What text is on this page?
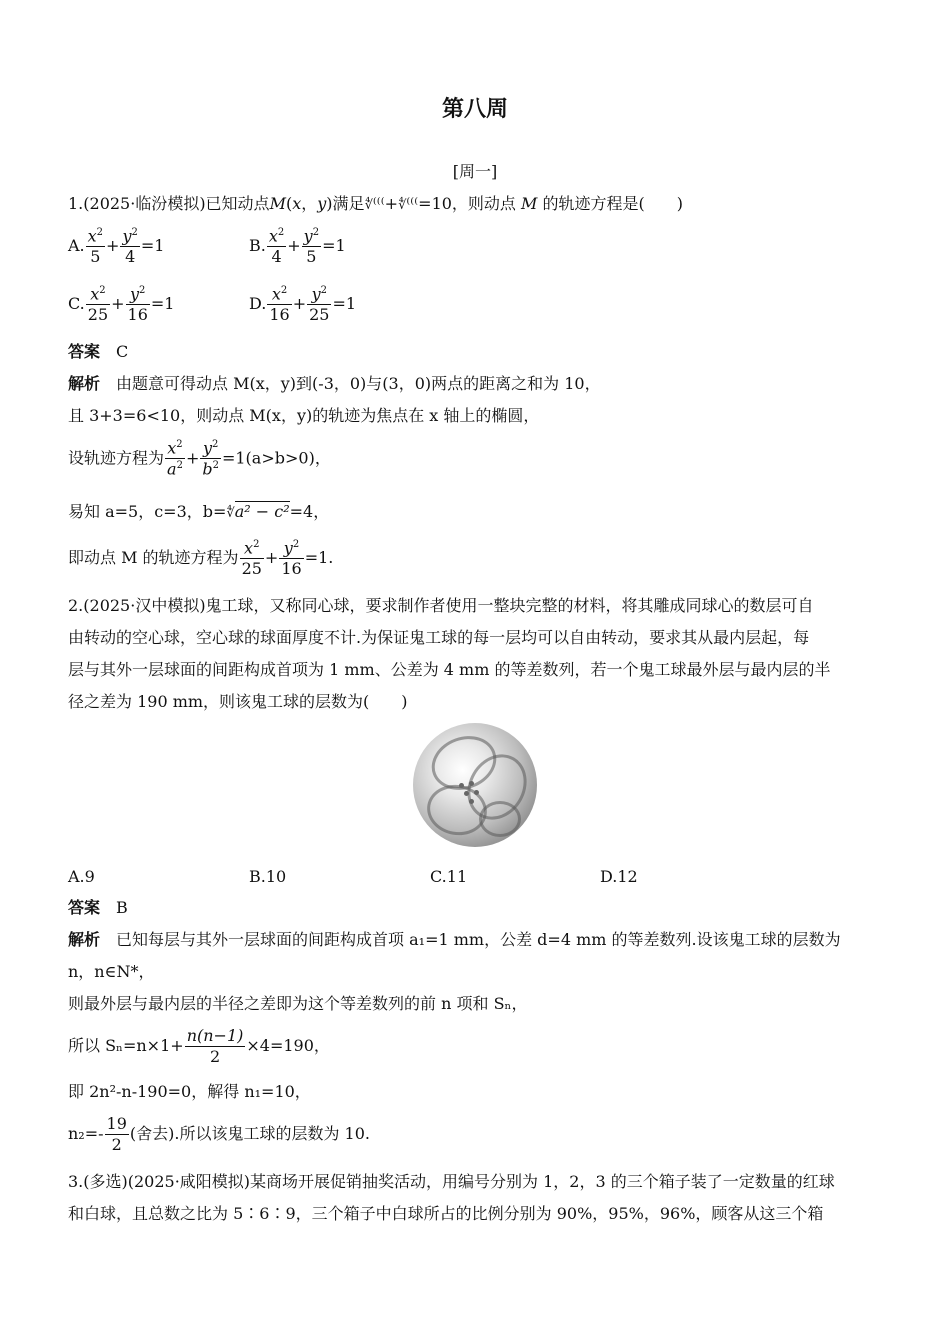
第八周
[周一]
1.(2025·临汾模拟)已知动点M(x，y)满足∜⁽⁽⁽+∜⁽⁽⁽=10，则动点 M 的轨迹方程是(　　)
A. $\frac{x^2}{5} + \frac{y^2}{4} =1$	B. $\frac{x^2}{4} + \frac{y^2}{5} =1$
C. $\frac{x^2}{25} + \frac{y^2}{16} =1$	D. $\frac{x^2}{16} + \frac{y^2}{25} =1$
答案　 C
解析　 由题意可得动点 M(x，y)到(-3，0)与(3，0)两点的距离之和为 10，
且 3+3=6<10，则动点 M(x，y)的轨迹为焦点在 x 轴上的椭圆，
设轨迹方程为 $\frac{x^2}{a^2} + \frac{y^2}{b^2} =1(a>b>0)$，
易知 a=5，c=3，b=∜a² − c²=4，
即动点 M 的轨迹方程为 $\frac{x^2}{25} + \frac{y^2}{16} =1$.
2.(2025·汉中模拟)鬼工球，又称同心球，要求制作者使用一整块完整的材料，将其雕成同球心的数层可自
由转动的空心球，空心球的球面厚度不计.为保证鬼工球的每一层均可以自由转动，要求其从最内层起，每
层与其外一层球面的间距构成首项为 1 mm、公差为 4 mm 的等差数列，若一个鬼工球最外层与最内层的半
径之差为 190 mm，则该鬼工球的层数为(　　)
A.9	B.10	C.11	D.12
答案　 B
解析　 已知每层与其外一层球面的间距构成首项 a₁=1 mm，公差 d=4 mm 的等差数列.设该鬼工球的层数为
n，n∈N*，
则最外层与最内层的半径之差即为这个等差数列的前 n 项和 Sₙ，
所以 $S_n=n\times 1+ \frac{n(n-1)}{2} \times 4=190$，
即 2n²-n-190=0，解得 n₁=10，
$n_2=- \frac{19}{2}$ (舍去).所以该鬼工球的层数为 10.
3.(多选)(2025·咸阳模拟)某商场开展促销抽奖活动，用编号分别为 1，2，3 的三个箱子装了一定数量的红球
和白球，且总数之比为 5∶6∶9，三个箱子中白球所占的比例分别为 90%，95%，96%，顾客从这三个箱
